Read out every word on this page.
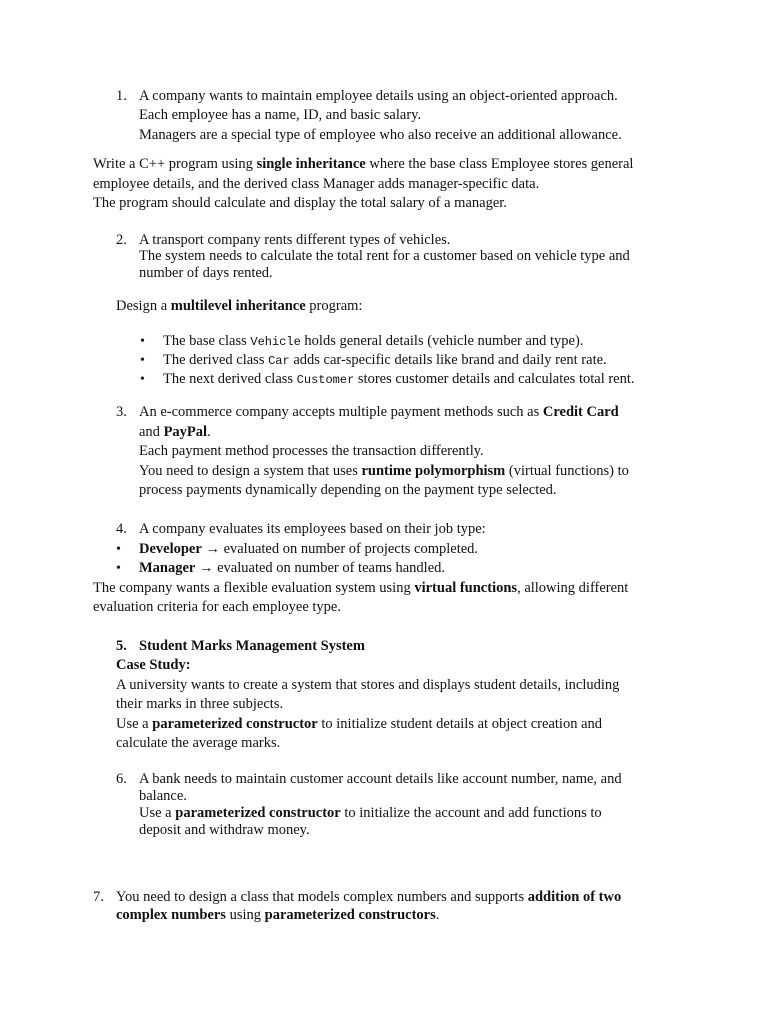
1. A company wants to maintain employee details using an object-oriented approach.
Each employee has a name, ID, and basic salary.
Managers are a special type of employee who also receive an additional allowance.
Write a C++ program using single inheritance where the base class Employee stores general
employee details, and the derived class Manager adds manager-specific data.
The program should calculate and display the total salary of a manager.
2. A transport company rents different types of vehicles.
The system needs to calculate the total rent for a customer based on vehicle type and
number of days rented.
Design a multilevel inheritance program:
• The base class Vehicle holds general details (vehicle number and type).
• The derived class Car adds car-specific details like brand and daily rent rate.
• The next derived class Customer stores customer details and calculates total rent.
3. An e-commerce company accepts multiple payment methods such as Credit Card
and PayPal.
Each payment method processes the transaction differently.
You need to design a system that uses runtime polymorphism (virtual functions) to
process payments dynamically depending on the payment type selected.
4. A company evaluates its employees based on their job type:
• Developer → evaluated on number of projects completed.
• Manager → evaluated on number of teams handled.
The company wants a flexible evaluation system using virtual functions, allowing different
evaluation criteria for each employee type.
5. Student Marks Management System
Case Study:
A university wants to create a system that stores and displays student details, including
their marks in three subjects.
Use a parameterized constructor to initialize student details at object creation and
calculate the average marks.
6. A bank needs to maintain customer account details like account number, name, and
balance.
Use a parameterized constructor to initialize the account and add functions to
deposit and withdraw money.
7. You need to design a class that models complex numbers and supports addition of two
complex numbers using parameterized constructors.
